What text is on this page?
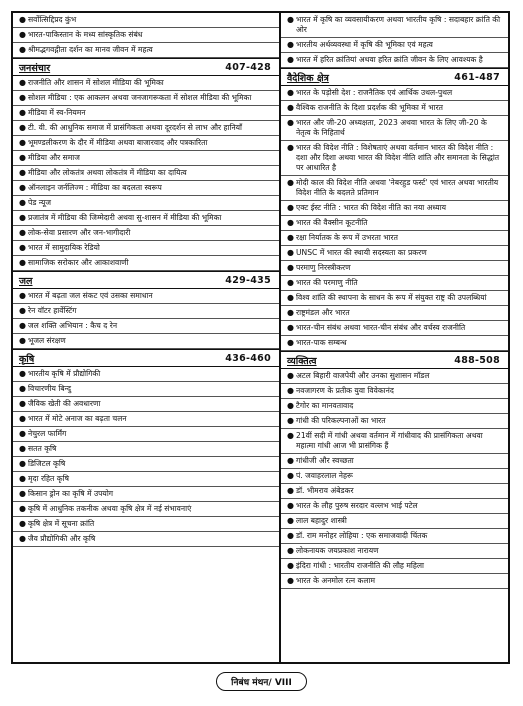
● सर्वोत्सिद्दिप्रद कुंभ
● भारत-पाकिस्तान के मध्य सांस्कृतिक संबंध
● श्रीमद्भगवद्गीता दर्शन का मानव जीवन में महत्व
जनसंचार	407-428
● राजनीति और शासन में सोशल मीडिया की भूमिका
● सोशल मीडिया : एक आकलन अथवा जनजागरूकता में सोशल मीडिया की भूमिका
● मीडिया में स्व-नियमन
● टी. वी. की आधुनिक समाज में प्रासंगिकता अथवा दूरदर्शन से लाभ और हानियाँ
● भूमण्डलीकरण के दौर में मीडिया अथवा बाजारवाद और पत्रकारिता
● मीडिया और समाज
● मीडिया और लोकतंत्र अथवा लोकतंत्र में मीडिया का दायित्व
● ऑनलाइन जर्नलिज्म : मीडिया का बदलता स्वरूप
● पेड न्यूज
● प्रजातंत्र में मीडिया की जिम्मेदारी अथवा सु-शासन में मीडिया की भूमिका
● लोक-सेवा प्रसारण और जन-भागीदारी
● भारत में सामुदायिक रेडियो
● सामाजिक सरोकार और आकाशवाणी
जल	429-435
● भारत में बढ़ता जल संकट एवं उसका समाधान
● रेन वॉटर हार्वेस्टिंग
● जल शक्ति अभियान : कैच द रेन
● भूजल संरक्षण
कृषि	436-460
● भारतीय कृषि में प्रौद्योगिकी
● विचारणीय बिन्दु
● जैविक खेती की अवधारणा
● भारत में मोटे अनाज का बढ़ता चलन
● नेचुरल फार्मिंग
● सतत कृषि
● डिजिटल कृषि
● मृदा रहित कृषि
● किसान ड्रोन का कृषि में उपयोग
● कृषि में आधुनिक तकनीक अथवा कृषि क्षेत्र में नई संभावनाएं
● कृषि क्षेत्र में सूचना क्रांति
● जैव प्रौद्योगिकी और कृषि
● भारत में कृषि का व्यवसायीकरण अथवा भारतीय कृषि : सदाबहार क्रांति की ओर
● भारतीय अर्थव्यवस्था में कृषि की भूमिका एवं महत्व
● भारत में हरित क्रांतियां अथवा हरित क्रांति जीवन के लिए आवश्यक है
वैदेशिक क्षेत्र	461-487
● भारत के पड़ोसी देश : राजनैतिक एवं आर्थिक उथल-पुथल
● वैश्विक राजनीति के दिशा प्रदर्शक की भूमिका में भारत
● भारत और जी-20 अध्यक्षता, 2023 अथवा भारत के लिए जी-20 के नेतृत्व के निहितार्थ
● भारत की विदेश नीति : विशेषताएं अथवा वर्तमान भारत की विदेश नीति : दशा और दिशा अथवा भारत की विदेश नीति शांति और समानता के सिद्धांत पर आधारित है
● मोदी काल की विदेश नीति अथवा 'नेबरहुड फर्स्ट' एवं भारत अथवा भारतीय विदेश नीति के बदलते प्रतिमान
● एक्ट ईस्ट नीति : भारत की विदेश नीति का नया अध्याय
● भारत की वैक्सीन कूटनीति
● रक्षा निर्यातक के रूप में उभरता भारत
● UNSC में भारत की स्थायी सदस्यता का प्रकरण
● परमाणु निरस्त्रीकरण
● भारत की परमाणु नीति
● विश्व शांति की स्थापना के साधन के रूप में संयुक्त राष्ट्र की उपलब्धियां
● राष्ट्रमंडल और भारत
● भारत-चीन संबंध अथवा भारत-चीन संबंध और वर्चस्व राजनीति
● भारत-पाक सम्बन्ध
व्यक्तित्व	488-508
● अटल बिहारी वाजपेयी और उनका सुशासन मॉडल
● नवजागरण के प्रतीक युवा विवेकानंद
● टैगोर का मानवतावाद
● गांधी की परिकल्पनाओं का भारत
● 21वीं सदी में गांधी अथवा वर्तमान में गांधीवाद की प्रासंगिकता अथवा महात्मा गांधी आज भी प्रासंगिक हैं
● गांधीजी और स्वच्छता
● पं. जवाहरलाल नेहरू
● डॉ. भीमराव अंबेडकर
● भारत के लौह पुरुष सरदार वल्लभ भाई पटेल
● लाल बहादुर शास्त्री
● डॉ. राम मनोहर लोहिया : एक समाजवादी चिंतक
● लोकनायक जयप्रकाश नारायण
● इंदिरा गांधी : भारतीय राजनीति की लौह महिला
● भारत के अनमोल रत्न कलाम
निबंध मंथन/ VIII
